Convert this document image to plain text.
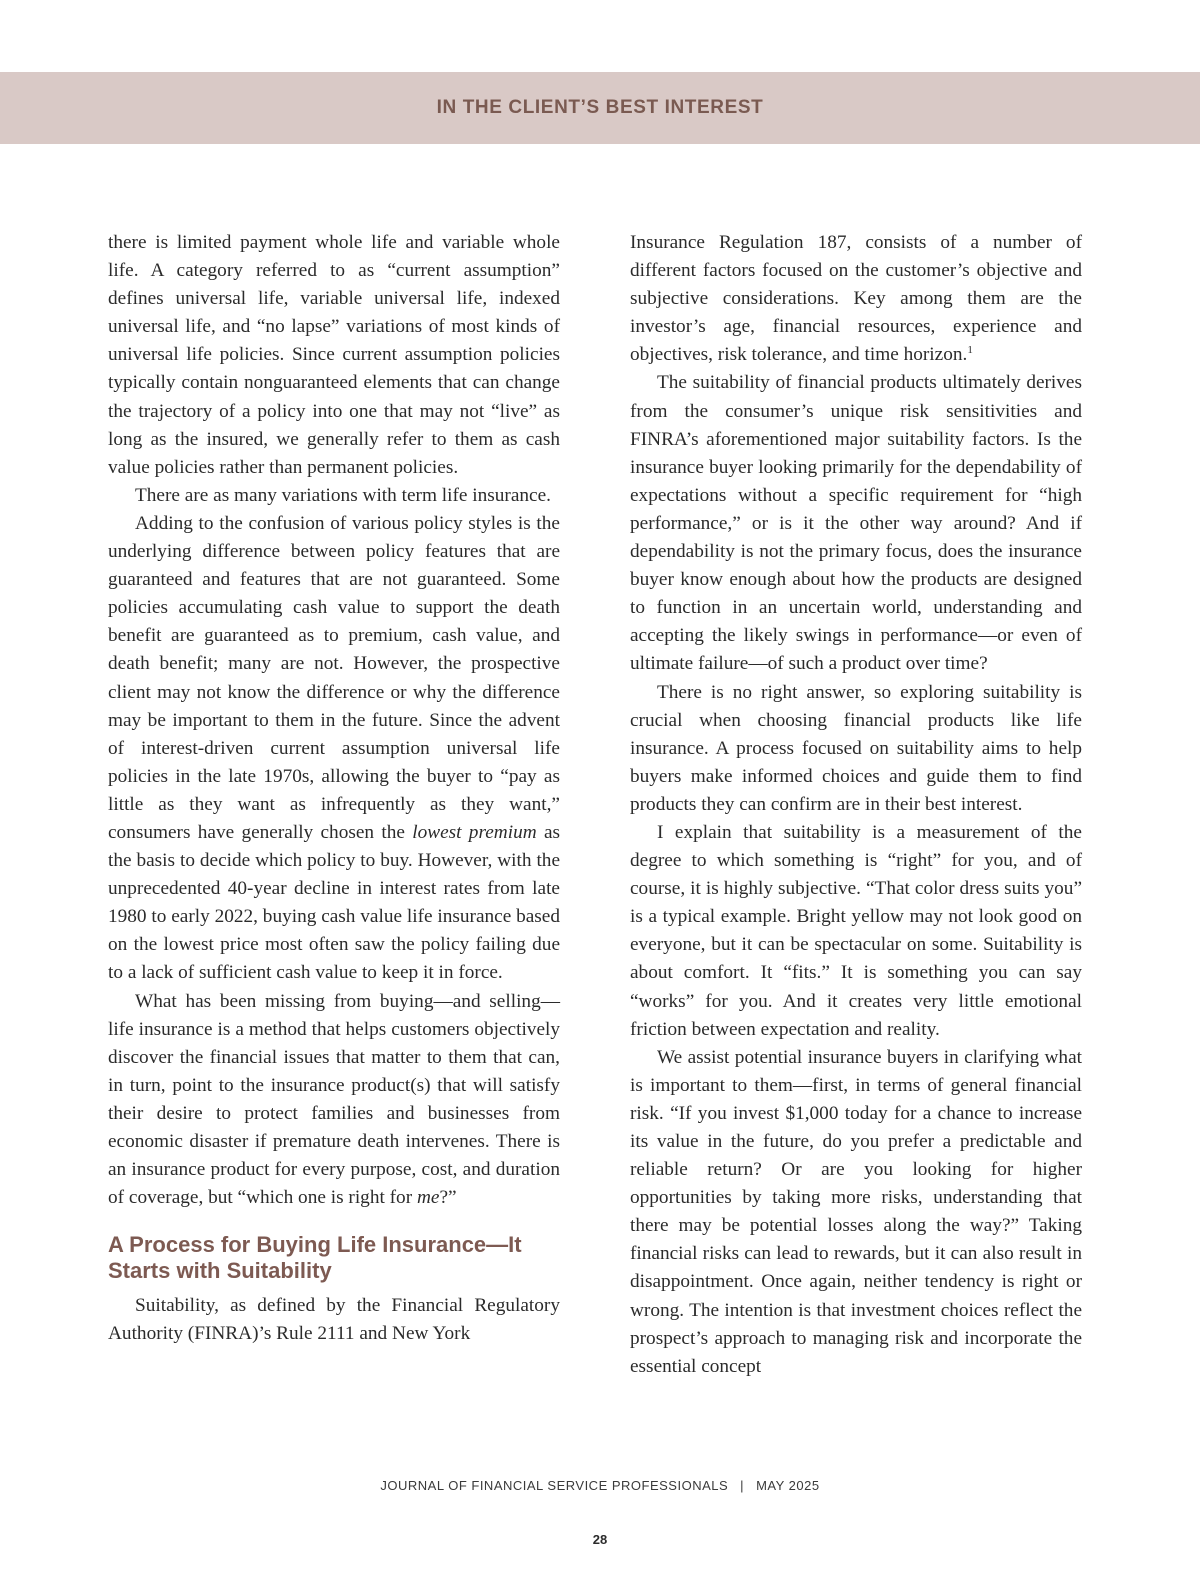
IN THE CLIENT’S BEST INTEREST

there is limited payment whole life and variable whole life. A category referred to as “current assumption” defines universal life, variable universal life, indexed universal life, and “no lapse” variations of most kinds of universal life policies. Since current assumption policies typically contain nonguaranteed elements that can change the trajectory of a policy into one that may not “live” as long as the insured, we generally refer to them as cash value policies rather than permanent policies.

There are as many variations with term life insurance.

Adding to the confusion of various policy styles is the underlying difference between policy features that are guaranteed and features that are not guaranteed. Some policies accumulating cash value to support the death benefit are guaranteed as to premium, cash value, and death benefit; many are not. However, the prospective client may not know the difference or why the difference may be important to them in the future. Since the advent of interest-driven current assumption universal life policies in the late 1970s, allowing the buyer to “pay as little as they want as infrequently as they want,” consumers have generally chosen the lowest premium as the basis to decide which policy to buy. However, with the unprecedented 40-year decline in interest rates from late 1980 to early 2022, buying cash value life insurance based on the lowest price most often saw the policy failing due to a lack of sufficient cash value to keep it in force.

What has been missing from buying—and selling—life insurance is a method that helps customers objectively discover the financial issues that matter to them that can, in turn, point to the insurance product(s) that will satisfy their desire to protect families and businesses from economic disaster if premature death intervenes. There is an insurance product for every purpose, cost, and duration of coverage, but “which one is right for me?”

A Process for Buying Life Insurance—It Starts with Suitability

Suitability, as defined by the Financial Regulatory Authority (FINRA)’s Rule 2111 and New York

Insurance Regulation 187, consists of a number of different factors focused on the customer’s objective and subjective considerations. Key among them are the investor’s age, financial resources, experience and objectives, risk tolerance, and time horizon.$^1$

The suitability of financial products ultimately derives from the consumer’s unique risk sensitivities and FINRA’s aforementioned major suitability factors. Is the insurance buyer looking primarily for the dependability of expectations without a specific requirement for “high performance,” or is it the other way around? And if dependability is not the primary focus, does the insurance buyer know enough about how the products are designed to function in an uncertain world, understanding and accepting the likely swings in performance—or even of ultimate failure—of such a product over time?

There is no right answer, so exploring suitability is crucial when choosing financial products like life insurance. A process focused on suitability aims to help buyers make informed choices and guide them to find products they can confirm are in their best interest.

I explain that suitability is a measurement of the degree to which something is “right” for you, and of course, it is highly subjective. “That color dress suits you” is a typical example. Bright yellow may not look good on everyone, but it can be spectacular on some. Suitability is about comfort. It “fits.” It is something you can say “works” for you. And it creates very little emotional friction between expectation and reality.

We assist potential insurance buyers in clarifying what is important to them—first, in terms of general financial risk. “If you invest $1,000 today for a chance to increase its value in the future, do you prefer a predictable and reliable return? Or are you looking for higher opportunities by taking more risks, understanding that there may be potential losses along the way?” Taking financial risks can lead to rewards, but it can also result in disappointment. Once again, neither tendency is right or wrong. The intention is that investment choices reflect the prospect’s approach to managing risk and incorporate the essential concept

JOURNAL OF FINANCIAL SERVICE PROFESSIONALS | MAY 2025
28
